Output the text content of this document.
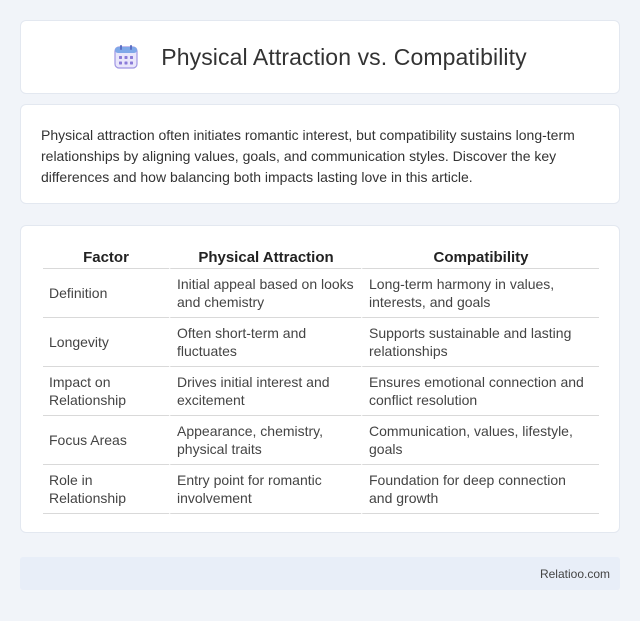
Physical Attraction vs. Compatibility

Physical attraction often initiates romantic interest, but compatibility sustains long-term relationships by aligning values, goals, and communication styles. Discover the key differences and how balancing both impacts lasting love in this article.

Factor	Physical Attraction	Compatibility
Definition	Initial appeal based on looks and chemistry	Long-term harmony in values, interests, and goals
Longevity	Often short-term and fluctuates	Supports sustainable and lasting relationships
Impact on Relationship	Drives initial interest and excitement	Ensures emotional connection and conflict resolution
Focus Areas	Appearance, chemistry, physical traits	Communication, values, lifestyle, goals
Role in Relationship	Entry point for romantic involvement	Foundation for deep connection and growth
Relatioo.com
